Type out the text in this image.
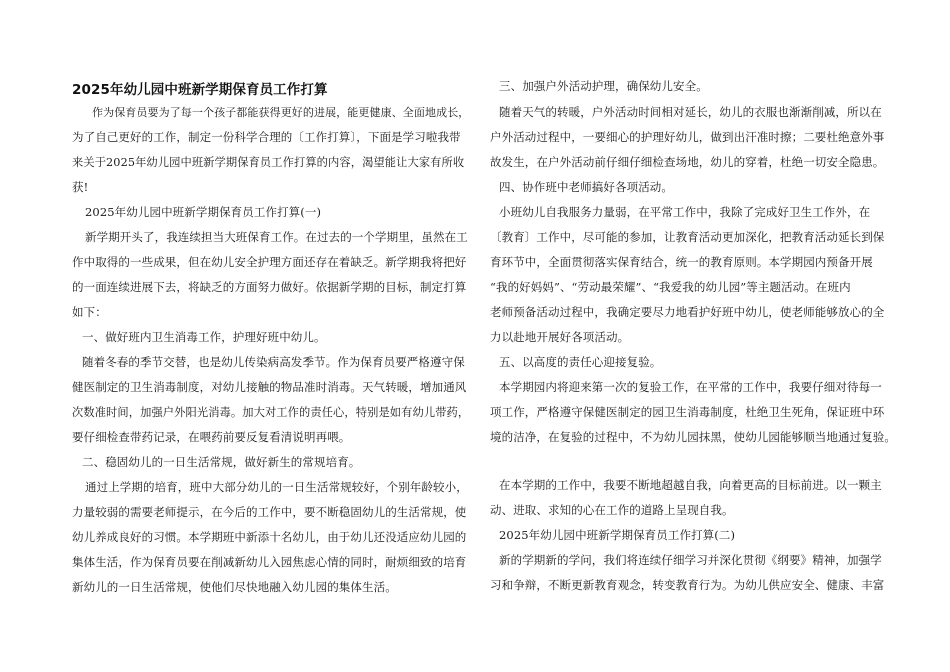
2025年幼儿园中班新学期保育员工作打算

作为保育员要为了每一个孩子都能获得更好的进展，能更健康、全面地成长，

为了自己更好的工作，制定一份科学合理的〔工作打算〕，下面是学习啦我带

来关于2025年幼儿园中班新学期保育员工作打算的内容，渴望能让大家有所收

获!

2025年幼儿园中班新学期保育员工作打算(一)

新学期开头了，我连续担当大班保育工作。在过去的一个学期里，虽然在工

作中取得的一些成果，但在幼儿安全护理方面还存在着缺乏。新学期我将把好

的一面连续进展下去，将缺乏的方面努力做好。依据新学期的目标，制定打算

如下：

一、做好班内卫生消毒工作，护理好班中幼儿。

随着冬春的季节交替，也是幼儿传染病高发季节。作为保育员要严格遵守保

健医制定的卫生消毒制度，对幼儿接触的物品准时消毒。天气转暖，增加通风

次数准时间，加强户外阳光消毒。加大对工作的责任心，特别是如有幼儿带药，

要仔细检查带药记录，在喂药前要反复看清说明再喂。

二、稳固幼儿的一日生活常规，做好新生的常规培育。

通过上学期的培育，班中大部分幼儿的一日生活常规较好，个别年龄较小，

力量较弱的需要老师提示，在今后的工作中，要不断稳固幼儿的生活常规，使

幼儿养成良好的习惯。本学期班中新添十名幼儿，由于幼儿还没适应幼儿园的

集体生活，作为保育员要在削减新幼儿入园焦虑心情的同时，耐烦细致的培育

新幼儿的一日生活常规，使他们尽快地融入幼儿园的集体生活。

三、加强户外活动护理，确保幼儿安全。

随着天气的转暖，户外活动时间相对延长，幼儿的衣服也渐渐削减，所以在

户外活动过程中，一要细心的护理好幼儿，做到出汗准时擦；二要杜绝意外事

故发生，在户外活动前仔细仔细检查场地，幼儿的穿着，杜绝一切安全隐患。

四、协作班中老师搞好各项活动。

小班幼儿自我服务力量弱，在平常工作中，我除了完成好卫生工作外，在

〔教育〕工作中，尽可能的参加，让教育活动更加深化，把教育活动延长到保

育环节中，全面贯彻落实保育结合，统一的教育原则。本学期园内预备开展

“我的好妈妈”、“劳动最荣耀”、“我爱我的幼儿园”等主题活动。在班内

老师预备活动过程中，我确定要尽力地看护好班中幼儿，使老师能够放心的全

力以赴地开展好各项活动。

五、以高度的责任心迎接复验。

本学期园内将迎来第一次的复验工作，在平常的工作中，我要仔细对待每一

项工作，严格遵守保健医制定的园卫生消毒制度，杜绝卫生死角，保证班中环

境的洁净，在复验的过程中，不为幼儿园抹黑，使幼儿园能够顺当地通过复验。

在本学期的工作中，我要不断地超越自我，向着更高的目标前进。以一颗主

动、进取、求知的心在工作的道路上呈现自我。

2025年幼儿园中班新学期保育员工作打算(二)

新的学期新的学问，我们将连续仔细学习并深化贯彻《纲要》精神，加强学

习和争辩，不断更新教育观念，转变教育行为。为幼儿供应安全、健康、丰富
